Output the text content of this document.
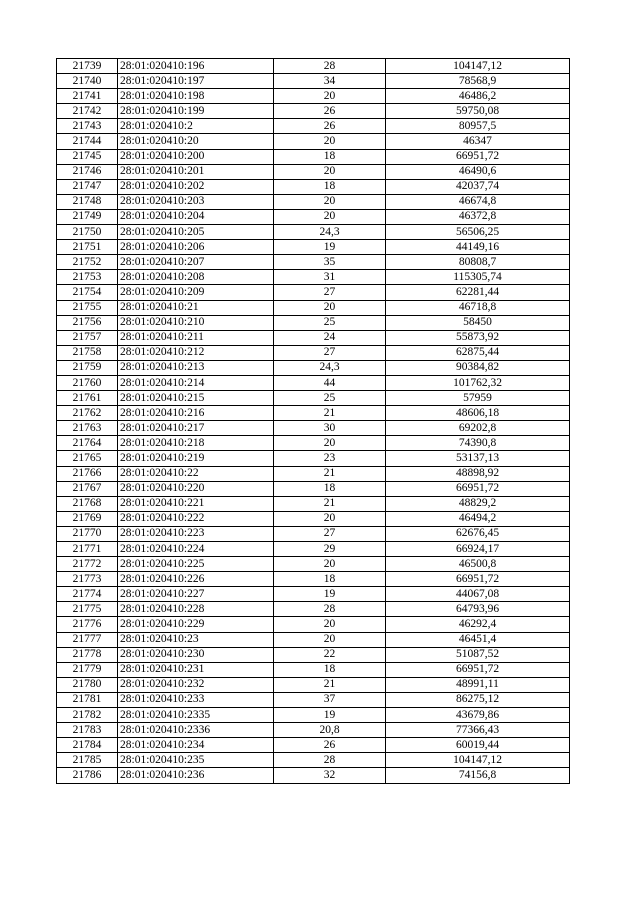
21739	28:01:020410:196	28	104147,12
21740	28:01:020410:197	34	78568,9
21741	28:01:020410:198	20	46486,2
21742	28:01:020410:199	26	59750,08
21743	28:01:020410:2	26	80957,5
21744	28:01:020410:20	20	46347
21745	28:01:020410:200	18	66951,72
21746	28:01:020410:201	20	46490,6
21747	28:01:020410:202	18	42037,74
21748	28:01:020410:203	20	46674,8
21749	28:01:020410:204	20	46372,8
21750	28:01:020410:205	24,3	56506,25
21751	28:01:020410:206	19	44149,16
21752	28:01:020410:207	35	80808,7
21753	28:01:020410:208	31	115305,74
21754	28:01:020410:209	27	62281,44
21755	28:01:020410:21	20	46718,8
21756	28:01:020410:210	25	58450
21757	28:01:020410:211	24	55873,92
21758	28:01:020410:212	27	62875,44
21759	28:01:020410:213	24,3	90384,82
21760	28:01:020410:214	44	101762,32
21761	28:01:020410:215	25	57959
21762	28:01:020410:216	21	48606,18
21763	28:01:020410:217	30	69202,8
21764	28:01:020410:218	20	74390,8
21765	28:01:020410:219	23	53137,13
21766	28:01:020410:22	21	48898,92
21767	28:01:020410:220	18	66951,72
21768	28:01:020410:221	21	48829,2
21769	28:01:020410:222	20	46494,2
21770	28:01:020410:223	27	62676,45
21771	28:01:020410:224	29	66924,17
21772	28:01:020410:225	20	46500,8
21773	28:01:020410:226	18	66951,72
21774	28:01:020410:227	19	44067,08
21775	28:01:020410:228	28	64793,96
21776	28:01:020410:229	20	46292,4
21777	28:01:020410:23	20	46451,4
21778	28:01:020410:230	22	51087,52
21779	28:01:020410:231	18	66951,72
21780	28:01:020410:232	21	48991,11
21781	28:01:020410:233	37	86275,12
21782	28:01:020410:2335	19	43679,86
21783	28:01:020410:2336	20,8	77366,43
21784	28:01:020410:234	26	60019,44
21785	28:01:020410:235	28	104147,12
21786	28:01:020410:236	32	74156,8
